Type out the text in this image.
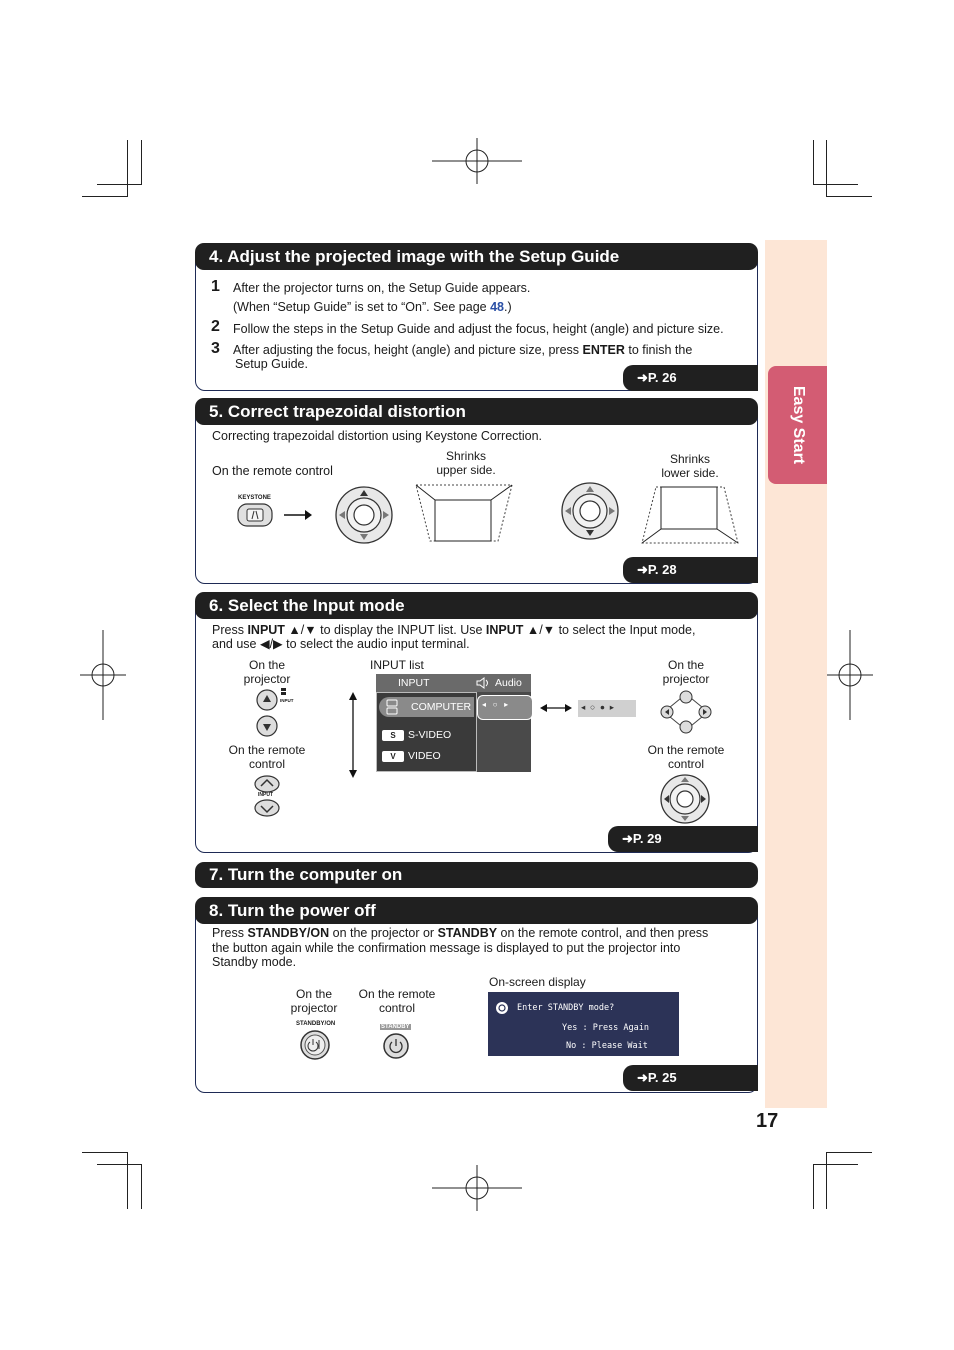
Easy Start
17
4. Adjust the projected image with the Setup Guide
1 After the projector turns on, the Setup Guide appears.
(When “Setup Guide” is set to “On”. See page 48.)
2 Follow the steps in the Setup Guide and adjust the focus, height (angle) and picture size.
3 After adjusting the focus, height (angle) and picture size, press ENTER to finish the
Setup Guide.
➜P. 26
5. Correct trapezoidal distortion
Correcting trapezoidal distortion using Keystone Correction.
On the remote control
Shrinks
upper side.
Shrinks
lower side.
KEYSTONE
➜P. 28
6. Select the Input mode
Press INPUT ▲/▼ to display the INPUT list. Use INPUT ▲/▼ to select the Input mode,
and use ◀/▶ to select the audio input terminal.
On the
projector
INPUT
On the remote
control
INPUT
INPUT list
INPUT	Audio
COMPUTER ◂   ○   ▸
S	S-VIDEO
V	VIDEO
◂  ○  ●  ▸
On the
projector
On the remote
control
➜P. 29
7. Turn the computer on
8. Turn the power off
Press STANDBY/ON on the projector or STANDBY on the remote control, and then press
the button again while the confirmation message is displayed to put the projector into
Standby mode.
On-screen display
On the
projector
On the remote
control
STANDBY/ON	STANDBY
Enter STANDBY mode?
Yes : Press Again
No : Please Wait
➜P. 25
